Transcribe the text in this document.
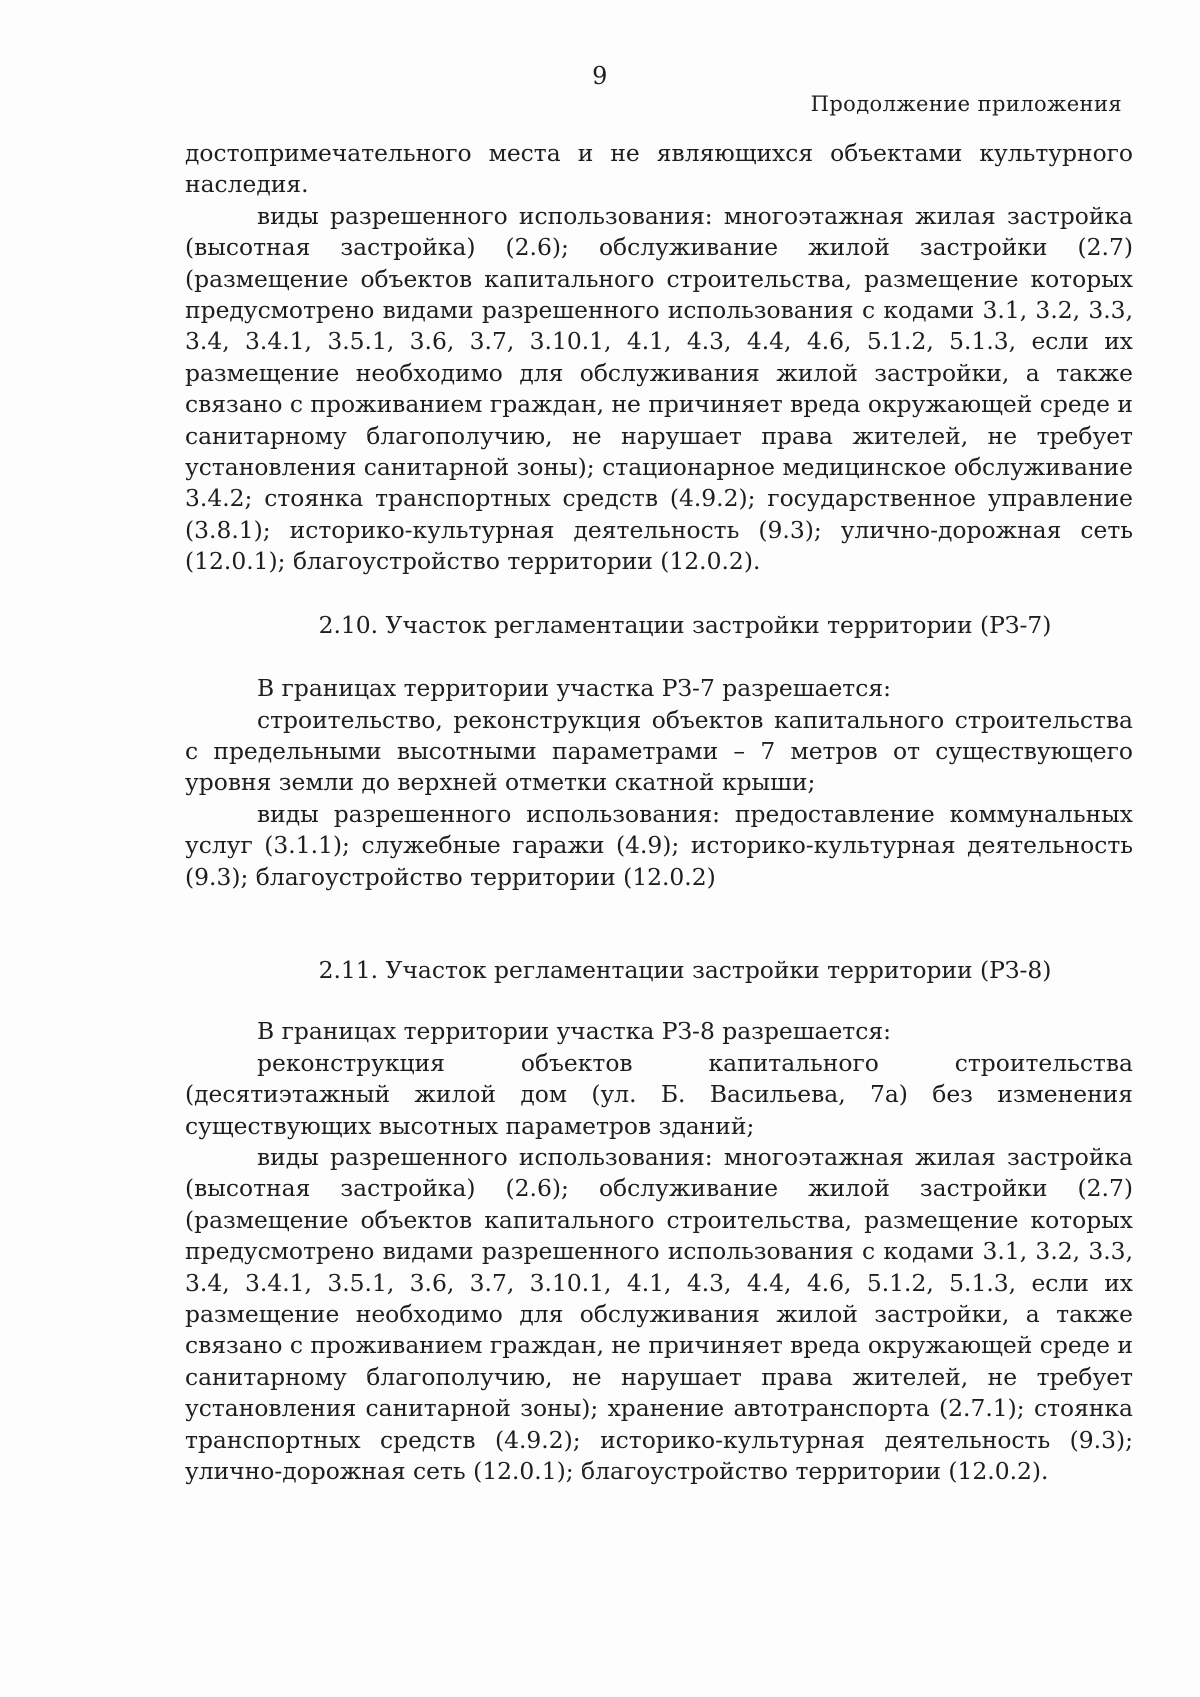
9
Продолжение приложения

достопримечательного места и не являющихся объектами культурного наследия.

виды разрешенного использования: многоэтажная жилая застройка (высотная застройка) (2.6); обслуживание жилой застройки (2.7) (размещение объектов капитального строительства, размещение которых предусмотрено видами разрешенного использования с кодами 3.1, 3.2, 3.3, 3.4, 3.4.1, 3.5.1, 3.6, 3.7, 3.10.1, 4.1, 4.3, 4.4, 4.6, 5.1.2, 5.1.3, если их размещение необходимо для обслуживания жилой застройки, а также связано с проживанием граждан, не причиняет вреда окружающей среде и санитарному благополучию, не нарушает права жителей, не требует установления санитарной зоны); стационарное медицинское обслуживание 3.4.2; стоянка транспортных средств (4.9.2); государственное управление (3.8.1); историко-культурная деятельность (9.3); улично-дорожная сеть (12.0.1); благоустройство территории (12.0.2).

2.10. Участок регламентации застройки территории (РЗ-7)

В границах территории участка РЗ-7 разрешается:

строительство, реконструкция объектов капитального строительства с предельными высотными параметрами – 7 метров от существующего уровня земли до верхней отметки скатной крыши;

виды разрешенного использования: предоставление коммунальных услуг (3.1.1); служебные гаражи (4.9); историко-культурная деятельность (9.3); благоустройство территории (12.0.2)

2.11. Участок регламентации застройки территории (РЗ-8)

В границах территории участка РЗ-8 разрешается:

реконструкция объектов капитального строительства (десятиэтажный жилой дом (ул. Б. Васильева, 7а) без изменения существующих высотных параметров зданий;

виды разрешенного использования: многоэтажная жилая застройка (высотная застройка) (2.6); обслуживание жилой застройки (2.7) (размещение объектов капитального строительства, размещение которых предусмотрено видами разрешенного использования с кодами 3.1, 3.2, 3.3, 3.4, 3.4.1, 3.5.1, 3.6, 3.7, 3.10.1, 4.1, 4.3, 4.4, 4.6, 5.1.2, 5.1.3, если их размещение необходимо для обслуживания жилой застройки, а также связано с проживанием граждан, не причиняет вреда окружающей среде и санитарному благополучию, не нарушает права жителей, не требует установления санитарной зоны); хранение автотранспорта (2.7.1); стоянка транспортных средств (4.9.2); историко-культурная деятельность (9.3); улично-дорожная сеть (12.0.1); благоустройство территории (12.0.2).
